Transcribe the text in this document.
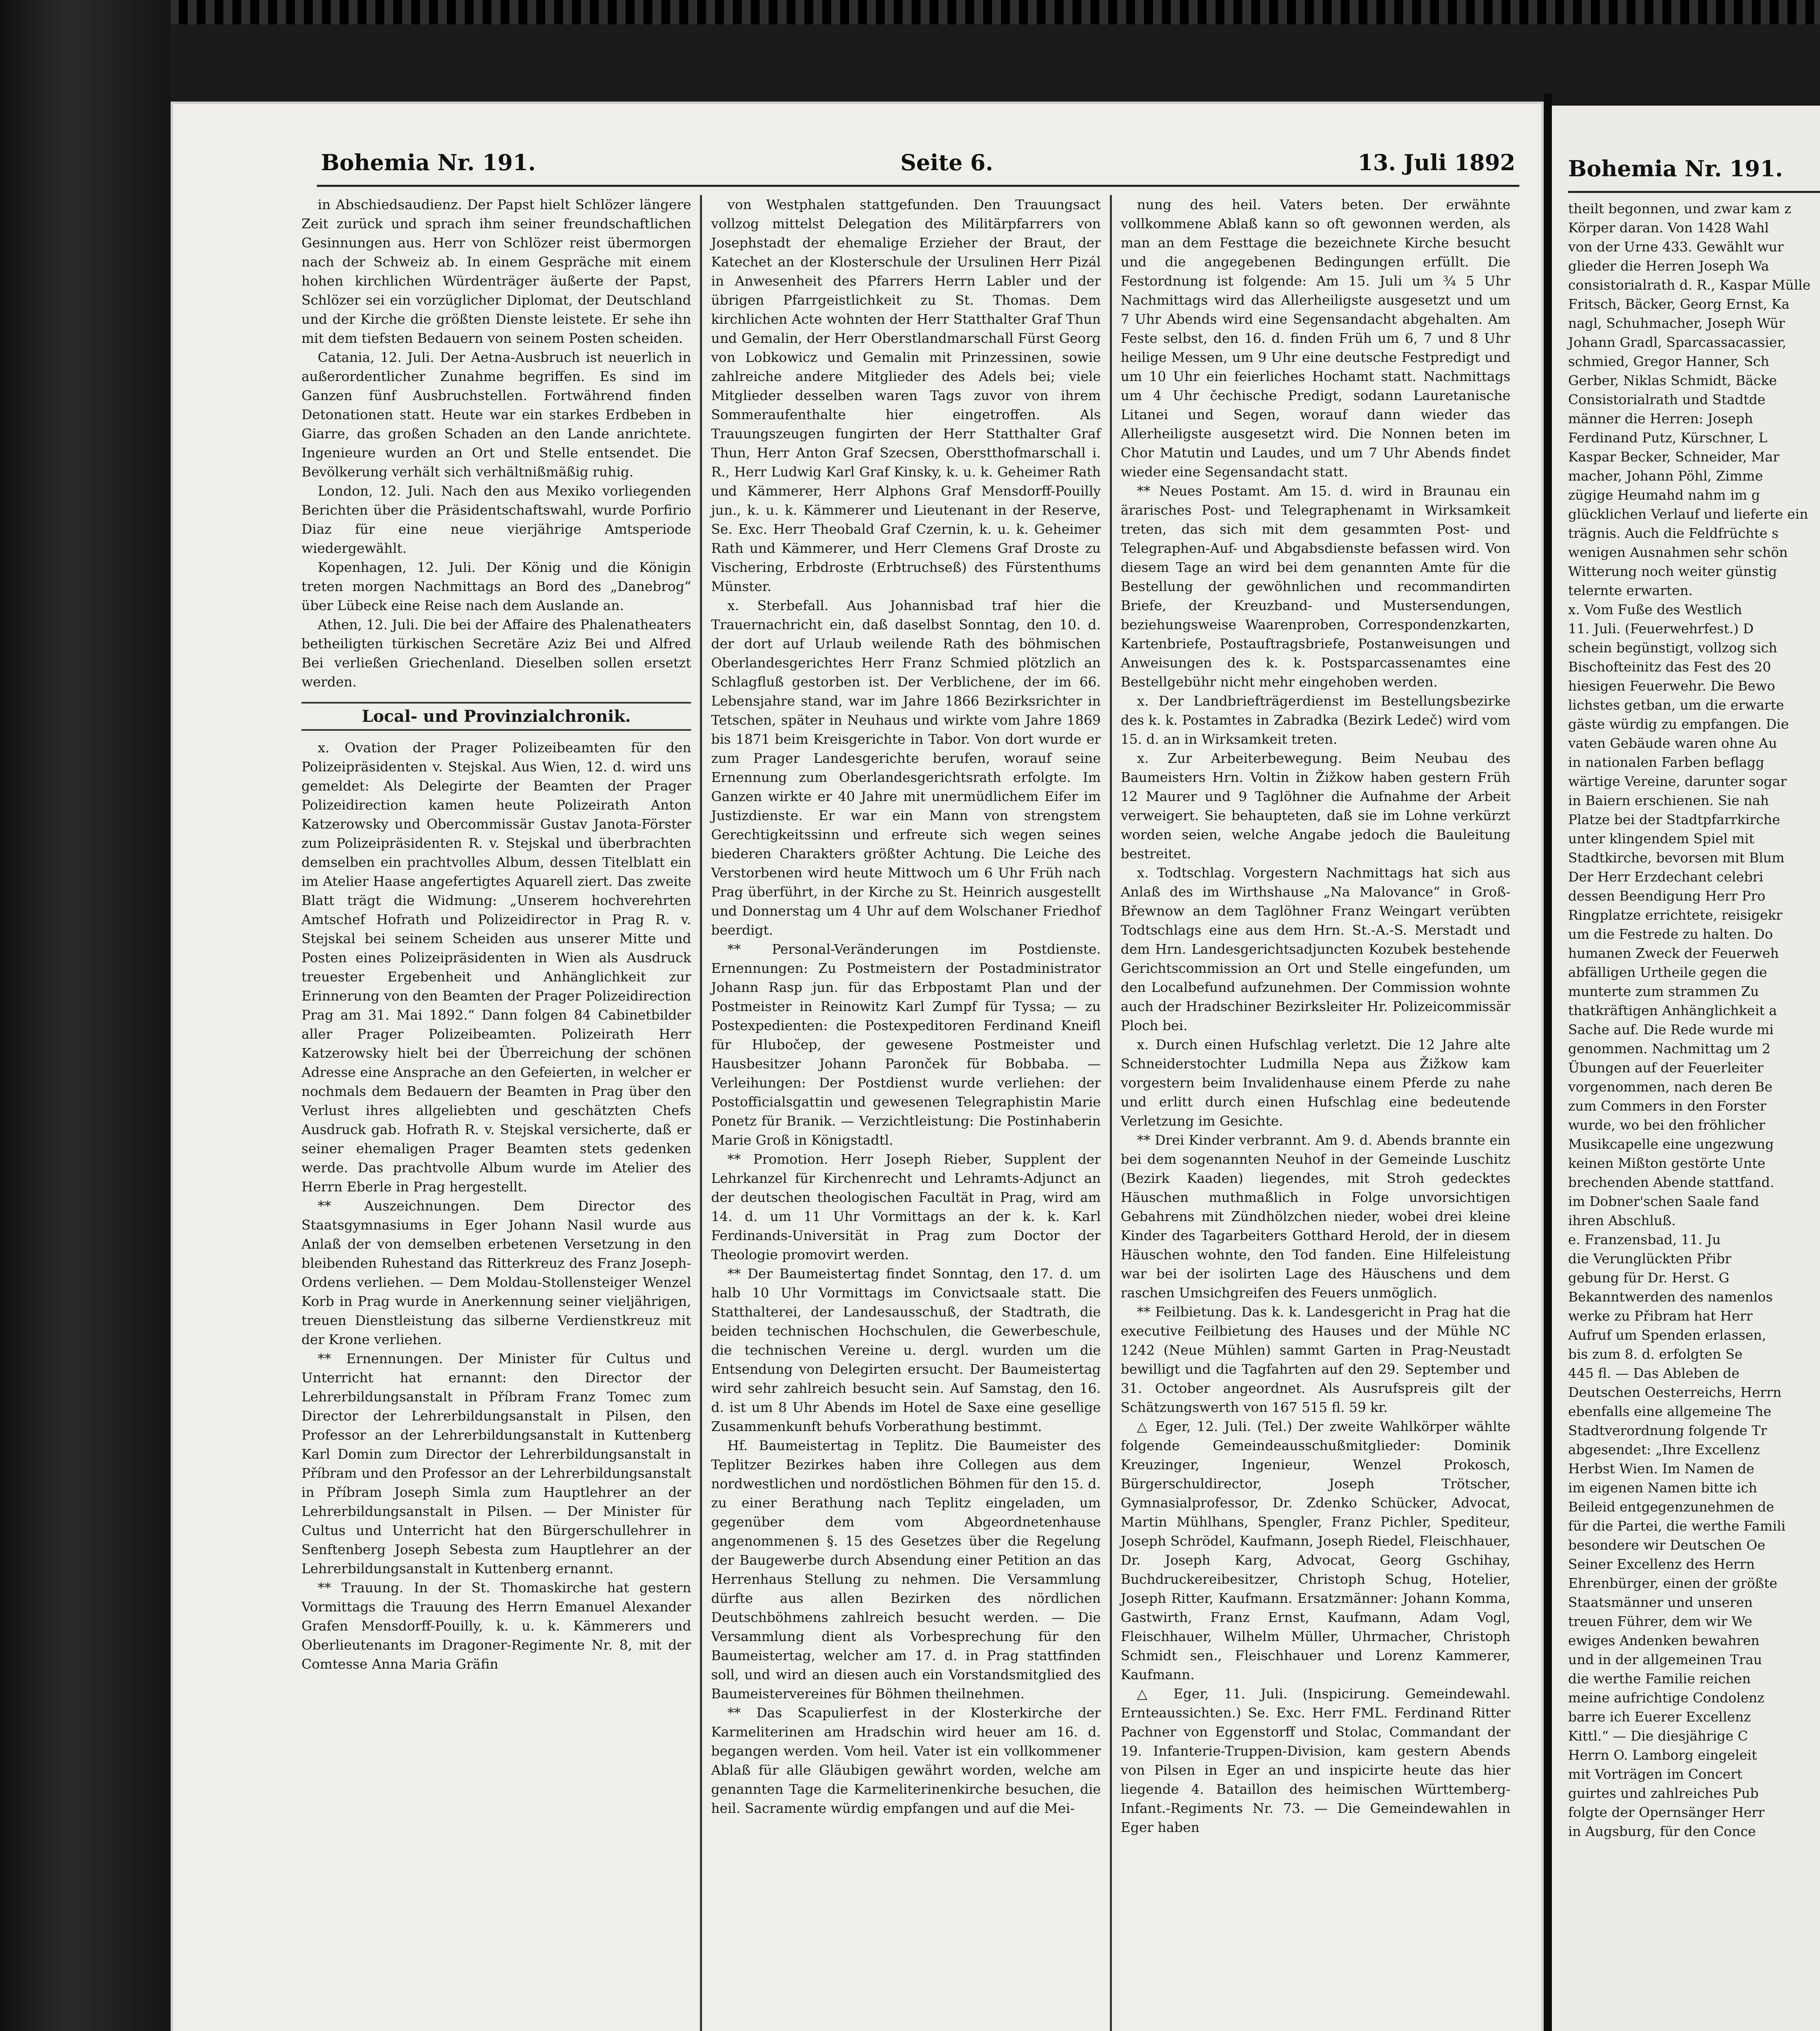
Bohemia Nr. 191.	Seite 6.	13. Juli 1892

in Abschiedsaudienz. Der Papst hielt Schlözer längere Zeit zurück und sprach ihm seiner freundschaftlichen Gesinnungen aus. Herr von Schlözer reist übermorgen nach der Schweiz ab. In einem Gespräche mit einem hohen kirchlichen Würdenträger äußerte der Papst, Schlözer sei ein vorzüglicher Diplomat, der Deutschland und der Kirche die größten Dienste leistete. Er sehe ihn mit dem tiefsten Bedauern von seinem Posten scheiden.

Catania, 12. Juli. Der Aetna-Ausbruch ist neuerlich in außerordentlicher Zunahme begriffen. Es sind im Ganzen fünf Ausbruchstellen. Fortwährend finden Detonationen statt. Heute war ein starkes Erdbeben in Giarre, das großen Schaden an den Lande anrichtete. Ingenieure wurden an Ort und Stelle entsendet. Die Bevölkerung verhält sich verhältnißmäßig ruhig.

London, 12. Juli. Nach den aus Mexiko vorliegenden Berichten über die Präsidentschaftswahl, wurde Porfirio Diaz für eine neue vierjährige Amtsperiode wiedergewählt.

Kopenhagen, 12. Juli. Der König und die Königin treten morgen Nachmittags an Bord des „Danebrog“ über Lübeck eine Reise nach dem Auslande an.

Athen, 12. Juli. Die bei der Affaire des Phalenatheaters betheiligten türkischen Secretäre Aziz Bei und Alfred Bei verließen Griechenland. Dieselben sollen ersetzt werden.

Local- und Provinzialchronik.

x. Ovation der Prager Polizeibeamten für den Polizeipräsidenten v. Stejskal. Aus Wien, 12. d. wird uns gemeldet: Als Delegirte der Beamten der Prager Polizeidirection kamen heute Polizeirath Anton Katzerowsky und Obercommissär Gustav Janota-Förster zum Polizeipräsidenten R. v. Stejskal und überbrachten demselben ein prachtvolles Album, dessen Titelblatt ein im Atelier Haase angefertigtes Aquarell ziert. Das zweite Blatt trägt die Widmung: „Unserem hochverehrten Amtschef Hofrath und Polizeidirector in Prag R. v. Stejskal bei seinem Scheiden aus unserer Mitte und Posten eines Polizeipräsidenten in Wien als Ausdruck treuester Ergebenheit und Anhänglichkeit zur Erinnerung von den Beamten der Prager Polizeidirection Prag am 31. Mai 1892.“ Dann folgen 84 Cabinetbilder aller Prager Polizeibeamten. Polizeirath Herr Katzerowsky hielt bei der Überreichung der schönen Adresse eine Ansprache an den Gefeierten, in welcher er nochmals dem Bedauern der Beamten in Prag über den Verlust ihres allgeliebten und geschätzten Chefs Ausdruck gab. Hofrath R. v. Stejskal versicherte, daß er seiner ehemaligen Prager Beamten stets gedenken werde. Das prachtvolle Album wurde im Atelier des Herrn Eberle in Prag hergestellt.

** Auszeichnungen. Dem Director des Staatsgymnasiums in Eger Johann Nasil wurde aus Anlaß der von demselben erbetenen Versetzung in den bleibenden Ruhestand das Ritterkreuz des Franz Joseph-Ordens verliehen. — Dem Moldau-Stollensteiger Wenzel Korb in Prag wurde in Anerkennung seiner vieljährigen, treuen Dienstleistung das silberne Verdienstkreuz mit der Krone verliehen.

** Ernennungen. Der Minister für Cultus und Unterricht hat ernannt: den Director der Lehrerbildungsanstalt in Příbram Franz Tomec zum Director der Lehrerbildungsanstalt in Pilsen, den Professor an der Lehrerbildungsanstalt in Kuttenberg Karl Domin zum Director der Lehrerbildungsanstalt in Příbram und den Professor an der Lehrerbildungsanstalt in Příbram Joseph Simla zum Hauptlehrer an der Lehrerbildungsanstalt in Pilsen. — Der Minister für Cultus und Unterricht hat den Bürgerschullehrer in Senftenberg Joseph Sebesta zum Hauptlehrer an der Lehrerbildungsanstalt in Kuttenberg ernannt.

** Trauung. In der St. Thomaskirche hat gestern Vormittags die Trauung des Herrn Emanuel Alexander Grafen Mensdorff-Pouilly, k. u. k. Kämmerers und Oberlieutenants im Dragoner-Regimente Nr. 8, mit der Comtesse Anna Maria Gräfin

von Westphalen stattgefunden. Den Trauungsact vollzog mittelst Delegation des Militärpfarrers von Josephstadt der ehemalige Erzieher der Braut, der Katechet an der Klosterschule der Ursulinen Herr Pizál in Anwesenheit des Pfarrers Herrn Labler und der übrigen Pfarrgeistlichkeit zu St. Thomas. Dem kirchlichen Acte wohnten der Herr Statthalter Graf Thun und Gemalin, der Herr Oberstlandmarschall Fürst Georg von Lobkowicz und Gemalin mit Prinzessinen, sowie zahlreiche andere Mitglieder des Adels bei; viele Mitglieder desselben waren Tags zuvor von ihrem Sommeraufenthalte hier eingetroffen. Als Trauungszeugen fungirten der Herr Statthalter Graf Thun, Herr Anton Graf Szecsen, Oberstthofmarschall i. R., Herr Ludwig Karl Graf Kinsky, k. u. k. Geheimer Rath und Kämmerer, Herr Alphons Graf Mensdorff-Pouilly jun., k. u. k. Kämmerer und Lieutenant in der Reserve, Se. Exc. Herr Theobald Graf Czernin, k. u. k. Geheimer Rath und Kämmerer, und Herr Clemens Graf Droste zu Vischering, Erbdroste (Erbtruchseß) des Fürstenthums Münster.

x. Sterbefall. Aus Johannisbad traf hier die Trauernachricht ein, daß daselbst Sonntag, den 10. d. der dort auf Urlaub weilende Rath des böhmischen Oberlandesgerichtes Herr Franz Schmied plötzlich an Schlagfluß gestorben ist. Der Verblichene, der im 66. Lebensjahre stand, war im Jahre 1866 Bezirksrichter in Tetschen, später in Neuhaus und wirkte vom Jahre 1869 bis 1871 beim Kreisgerichte in Tabor. Von dort wurde er zum Prager Landesgerichte berufen, worauf seine Ernennung zum Oberlandesgerichtsrath erfolgte. Im Ganzen wirkte er 40 Jahre mit unermüdlichem Eifer im Justizdienste. Er war ein Mann von strengstem Gerechtigkeitssinn und erfreute sich wegen seines biederen Charakters größter Achtung. Die Leiche des Verstorbenen wird heute Mittwoch um 6 Uhr Früh nach Prag überführt, in der Kirche zu St. Heinrich ausgestellt und Donnerstag um 4 Uhr auf dem Wolschaner Friedhof beerdigt.

** Personal-Veränderungen im Postdienste. Ernennungen: Zu Postmeistern der Postadministrator Johann Rasp jun. für das Erbpostamt Plan und der Postmeister in Reinowitz Karl Zumpf für Tyssa; — zu Postexpedienten: die Postexpeditoren Ferdinand Kneifl für Hlubočep, der gewesene Postmeister und Hausbesitzer Johann Paronček für Bobbaba. — Verleihungen: Der Postdienst wurde verliehen: der Postofficialsgattin und gewesenen Telegraphistin Marie Ponetz für Branik. — Verzichtleistung: Die Postinhaberin Marie Groß in Königstadtl.

** Promotion. Herr Joseph Rieber, Supplent der Lehrkanzel für Kirchenrecht und Lehramts-Adjunct an der deutschen theologischen Facultät in Prag, wird am 14. d. um 11 Uhr Vormittags an der k. k. Karl Ferdinands-Universität in Prag zum Doctor der Theologie promovirt werden.

** Der Baumeistertag findet Sonntag, den 17. d. um halb 10 Uhr Vormittags im Convictsaale statt. Die Statthalterei, der Landesausschuß, der Stadtrath, die beiden technischen Hochschulen, die Gewerbeschule, die technischen Vereine u. dergl. wurden um die Entsendung von Delegirten ersucht. Der Baumeistertag wird sehr zahlreich besucht sein. Auf Samstag, den 16. d. ist um 8 Uhr Abends im Hotel de Saxe eine gesellige Zusammenkunft behufs Vorberathung bestimmt.

Hf. Baumeistertag in Teplitz. Die Baumeister des Teplitzer Bezirkes haben ihre Collegen aus dem nordwestlichen und nordöstlichen Böhmen für den 15. d. zu einer Berathung nach Teplitz eingeladen, um gegenüber dem vom Abgeordnetenhause angenommenen §. 15 des Gesetzes über die Regelung der Baugewerbe durch Absendung einer Petition an das Herrenhaus Stellung zu nehmen. Die Versammlung dürfte aus allen Bezirken des nördlichen Deutschböhmens zahlreich besucht werden. — Die Versammlung dient als Vorbesprechung für den Baumeistertag, welcher am 17. d. in Prag stattfinden soll, und wird an diesen auch ein Vorstandsmitglied des Baumeistervereines für Böhmen theilnehmen.

** Das Scapulierfest in der Klosterkirche der Karmeliterinen am Hradschin wird heuer am 16. d. begangen werden. Vom heil. Vater ist ein vollkommener Ablaß für alle Gläubigen gewährt worden, welche am genannten Tage die Karmeliterinenkirche besuchen, die heil. Sacramente würdig empfangen und auf die Mei-

nung des heil. Vaters beten. Der erwähnte vollkommene Ablaß kann so oft gewonnen werden, als man an dem Festtage die bezeichnete Kirche besucht und die angegebenen Bedingungen erfüllt. Die Festordnung ist folgende: Am 15. Juli um ¾ 5 Uhr Nachmittags wird das Allerheiligste ausgesetzt und um 7 Uhr Abends wird eine Segensandacht abgehalten. Am Feste selbst, den 16. d. finden Früh um 6, 7 und 8 Uhr heilige Messen, um 9 Uhr eine deutsche Festpredigt und um 10 Uhr ein feierliches Hochamt statt. Nachmittags um 4 Uhr čechische Predigt, sodann Lauretanische Litanei und Segen, worauf dann wieder das Allerheiligste ausgesetzt wird. Die Nonnen beten im Chor Matutin und Laudes, und um 7 Uhr Abends findet wieder eine Segensandacht statt.

** Neues Postamt. Am 15. d. wird in Braunau ein ärarisches Post- und Telegraphenamt in Wirksamkeit treten, das sich mit dem gesammten Post- und Telegraphen-Auf- und Abgabsdienste befassen wird. Von diesem Tage an wird bei dem genannten Amte für die Bestellung der gewöhnlichen und recommandirten Briefe, der Kreuzband- und Mustersendungen, beziehungsweise Waarenproben, Correspondenzkarten, Kartenbriefe, Postauftragsbriefe, Postanweisungen und Anweisungen des k. k. Postsparcassenamtes eine Bestellgebühr nicht mehr eingehoben werden.

x. Der Landbriefträgerdienst im Bestellungsbezirke des k. k. Postamtes in Zabradka (Bezirk Ledeč) wird vom 15. d. an in Wirksamkeit treten.

x. Zur Arbeiterbewegung. Beim Neubau des Baumeisters Hrn. Voltin in Žižkow haben gestern Früh 12 Maurer und 9 Taglöhner die Aufnahme der Arbeit verweigert. Sie behaupteten, daß sie im Lohne verkürzt worden seien, welche Angabe jedoch die Bauleitung bestreitet.

x. Todtschlag. Vorgestern Nachmittags hat sich aus Anlaß des im Wirthshause „Na Malovance“ in Groß-Břewnow an dem Taglöhner Franz Weingart verübten Todtschlags eine aus dem Hrn. St.-A.-S. Merstadt und dem Hrn. Landesgerichtsadjuncten Kozubek bestehende Gerichtscommission an Ort und Stelle eingefunden, um den Localbefund aufzunehmen. Der Commission wohnte auch der Hradschiner Bezirksleiter Hr. Polizeicommissär Ploch bei.

x. Durch einen Hufschlag verletzt. Die 12 Jahre alte Schneiderstochter Ludmilla Nepa aus Žižkow kam vorgestern beim Invalidenhause einem Pferde zu nahe und erlitt durch einen Hufschlag eine bedeutende Verletzung im Gesichte.

** Drei Kinder verbrannt. Am 9. d. Abends brannte ein bei dem sogenannten Neuhof in der Gemeinde Luschitz (Bezirk Kaaden) liegendes, mit Stroh gedecktes Häuschen muthmaßlich in Folge unvorsichtigen Gebahrens mit Zündhölzchen nieder, wobei drei kleine Kinder des Tagarbeiters Gotthard Herold, der in diesem Häuschen wohnte, den Tod fanden. Eine Hilfeleistung war bei der isolirten Lage des Häuschens und dem raschen Umsichgreifen des Feuers unmöglich.

** Feilbietung. Das k. k. Landesgericht in Prag hat die executive Feilbietung des Hauses und der Mühle NC 1242 (Neue Mühlen) sammt Garten in Prag-Neustadt bewilligt und die Tagfahrten auf den 29. September und 31. October angeordnet. Als Ausrufspreis gilt der Schätzungswerth von 167 515 fl. 59 kr.

△ Eger, 12. Juli. (Tel.) Der zweite Wahlkörper wählte folgende Gemeindeausschußmitglieder: Dominik Kreuzinger, Ingenieur, Wenzel Prokosch, Bürgerschuldirector, Joseph Trötscher, Gymnasialprofessor, Dr. Zdenko Schücker, Advocat, Martin Mühlhans, Spengler, Franz Pichler, Spediteur, Joseph Schrödel, Kaufmann, Joseph Riedel, Fleischhauer, Dr. Joseph Karg, Advocat, Georg Gschihay, Buchdruckereibesitzer, Christoph Schug, Hotelier, Joseph Ritter, Kaufmann. Ersatzmänner: Johann Komma, Gastwirth, Franz Ernst, Kaufmann, Adam Vogl, Fleischhauer, Wilhelm Müller, Uhrmacher, Christoph Schmidt sen., Fleischhauer und Lorenz Kammerer, Kaufmann.

△ Eger, 11. Juli. (Inspicirung. Gemeindewahl. Ernteaussichten.) Se. Exc. Herr FML. Ferdinand Ritter Pachner von Eggenstorff und Stolac, Commandant der 19. Infanterie-Truppen-Division, kam gestern Abends von Pilsen in Eger an und inspicirte heute das hier liegende 4. Bataillon des heimischen Württemberg-Infant.-Regiments Nr. 73. — Die Gemeindewahlen in Eger haben

Bohemia Nr. 191.

theilt begonnen, und zwar kam z

Körper daran. Von 1428 Wahl

von der Urne 433. Gewählt wur

glieder die Herren Joseph Wa

consistorialrath d. R., Kaspar Mülle

Fritsch, Bäcker, Georg Ernst, Ka

nagl, Schuhmacher, Joseph Wür

Johann Gradl, Sparcassacassier,

schmied, Gregor Hanner, Sch

Gerber, Niklas Schmidt, Bäcke

Consistorialrath und Stadtde

männer die Herren: Joseph

Ferdinand Putz, Kürschner, L

Kaspar Becker, Schneider, Mar

macher, Johann Pöhl, Zimme

zügige Heumahd nahm im g

glücklichen Verlauf und lieferte ein

trägnis. Auch die Feldfrüchte s

wenigen Ausnahmen sehr schön

Witterung noch weiter günstig

telernte erwarten.

x. Vom Fuße des Westlich

11. Juli. (Feuerwehrfest.) D

schein begünstigt, vollzog sich

Bischofteinitz das Fest des 20

hiesigen Feuerwehr. Die Bewo

lichstes getban, um die erwarte

gäste würdig zu empfangen. Die

vaten Gebäude waren ohne Au

in nationalen Farben beflagg

wärtige Vereine, darunter sogar

in Baiern erschienen. Sie nah

Platze bei der Stadtpfarrkirche

unter klingendem Spiel mit

Stadtkirche, bevorsen mit Blum

Der Herr Erzdechant celebri

dessen Beendigung Herr Pro

Ringplatze errichtete, reisigekr

um die Festrede zu halten. Do

humanen Zweck der Feuerweh

abfälligen Urtheile gegen die

munterte zum strammen Zu

thatkräftigen Anhänglichkeit a

Sache auf. Die Rede wurde mi

genommen. Nachmittag um 2

Übungen auf der Feuerleiter

vorgenommen, nach deren Be

zum Commers in den Forster

wurde, wo bei den fröhlicher

Musikcapelle eine ungezwung

keinen Mißton gestörte Unte

brechenden Abende stattfand.

im Dobner'schen Saale fand

ihren Abschluß.

e. Franzensbad, 11. Ju

die Verunglückten Přibr

gebung für Dr. Herst. G

Bekanntwerden des namenlos

werke zu Přibram hat Herr

Aufruf um Spenden erlassen,

bis zum 8. d. erfolgten Se

445 fl. — Das Ableben de

Deutschen Oesterreichs, Herrn

ebenfalls eine allgemeine The

Stadtverordnung folgende Tr

abgesendet: „Ihre Excellenz

Herbst Wien. Im Namen de

im eigenen Namen bitte ich

Beileid entgegenzunehmen de

für die Partei, die werthe Famili

besondere wir Deutschen Oe

Seiner Excellenz des Herrn

Ehrenbürger, einen der größte

Staatsmänner und unseren

treuen Führer, dem wir We

ewiges Andenken bewahren

und in der allgemeinen Trau

die werthe Familie reichen

meine aufrichtige Condolenz

barre ich Euerer Excellenz

Kittl.“ — Die diesjährige C

Herrn O. Lamborg eingeleit

mit Vorträgen im Concert

guirtes und zahlreiches Pub

folgte der Opernsänger Herr

in Augsburg, für den Conce
